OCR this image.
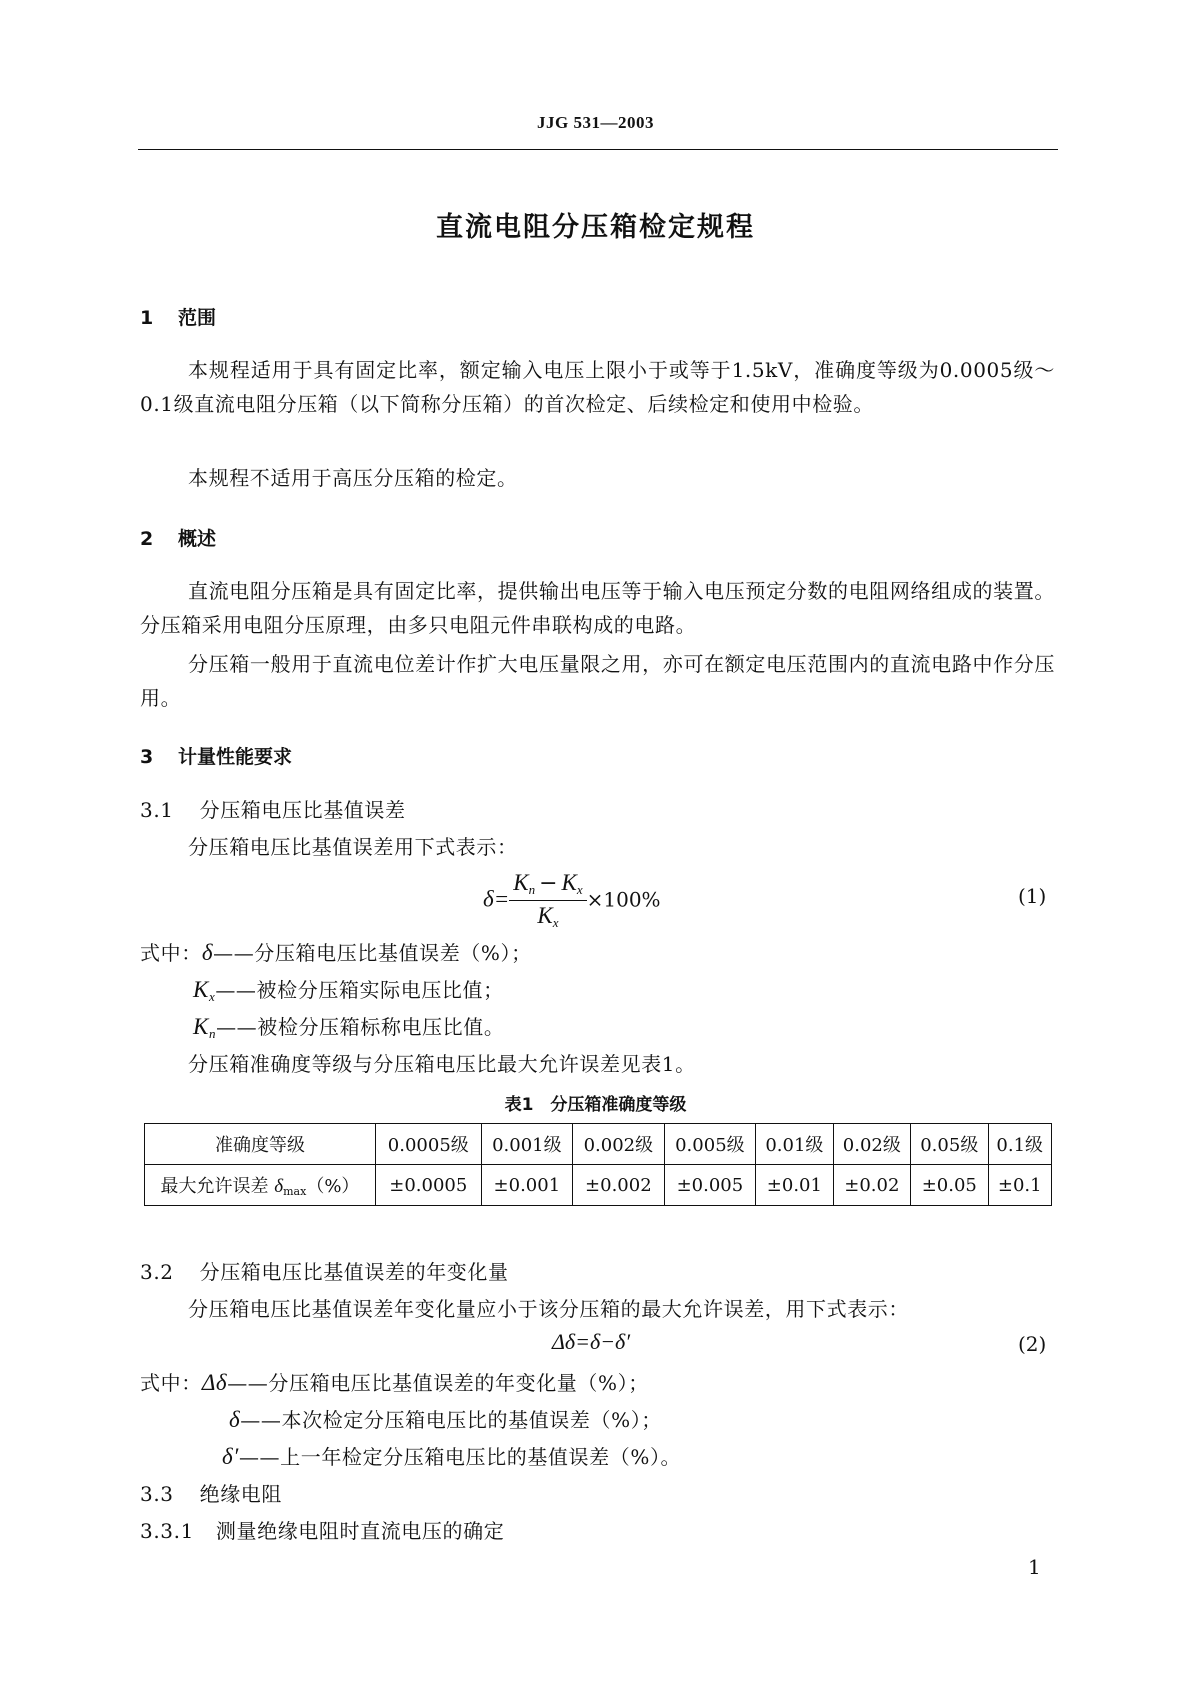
JJG 531—2003
直流电阻分压箱检定规程
1 范围
本规程适用于具有固定比率，额定输入电压上限小于或等于1.5kV，准确度等级为0.0005级～0.1级直流电阻分压箱（以下简称分压箱）的首次检定、后续检定和使用中检验。
本规程不适用于高压分压箱的检定。
2 概述
直流电阻分压箱是具有固定比率，提供输出电压等于输入电压预定分数的电阻网络组成的装置。分压箱采用电阻分压原理，由多只电阻元件串联构成的电路。
分压箱一般用于直流电位差计作扩大电压量限之用，亦可在额定电压范围内的直流电路中作分压用。
3 计量性能要求
3.1 分压箱电压比基值误差
分压箱电压比基值误差用下式表示：
$\delta= \frac{Kn - Kx}{Kx} \times 100\%$	(1)
式中：δ——分压箱电压比基值误差（%）；
$K_x——$被检分压箱实际电压比值；
$K_n——$被检分压箱标称电压比值。
分压箱准确度等级与分压箱电压比最大允许误差见表1。
表1　分压箱准确度等级
准确度等级	0.0005级	0.001级	0.002级	0.005级	0.01级	0.02级	0.05级	0.1级
最大允许误差 δmax（%）	±0.0005	±0.001	±0.002	±0.005	±0.01	±0.02	±0.05	±0.1
3.2 分压箱电压比基值误差的年变化量
分压箱电压比基值误差年变化量应小于该分压箱的最大允许误差，用下式表示：
Δδ=δ−δ′	(2)
式中：Δδ——分压箱电压比基值误差的年变化量（%）；
δ——本次检定分压箱电压比的基值误差（%）；
δ′——上一年检定分压箱电压比的基值误差（%）。
3.3 绝缘电阻
3.3.1 测量绝缘电阻时直流电压的确定
1
